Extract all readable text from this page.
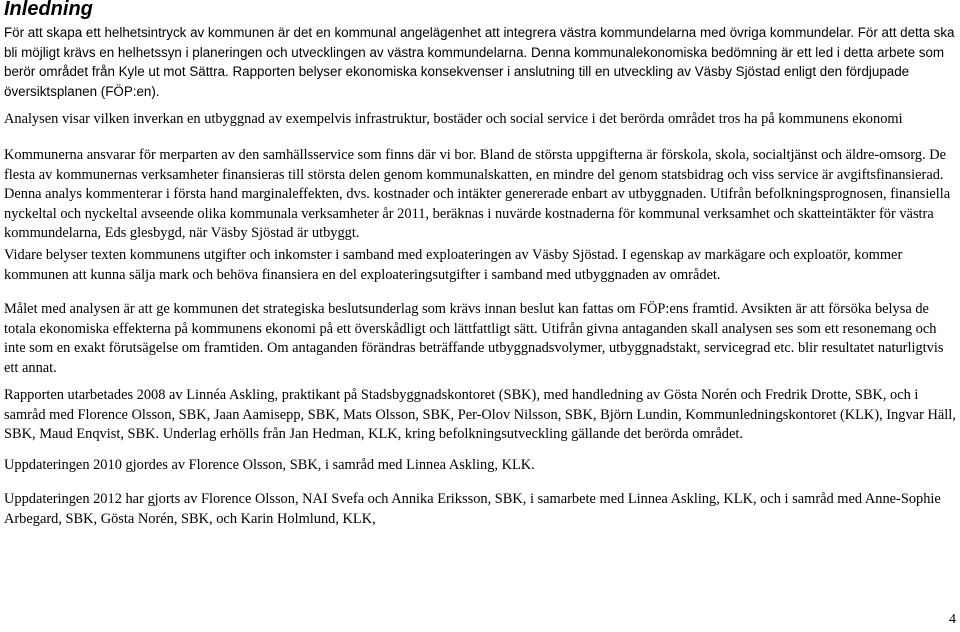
Inledning

För att skapa ett helhetsintryck av kommunen är det en kommunal angelägenhet att integrera västra kommundelarna med övriga kommundelar. För att detta ska bli möjligt krävs en helhetssyn i planeringen och utvecklingen av västra kommundelarna. Denna kommunalekonomiska bedömning är ett led i detta arbete som berör området från Kyle ut mot Sättra. Rapporten belyser ekonomiska konsekvenser i anslutning till en utveckling av Väsby Sjöstad enligt den fördjupade översiktsplanen (FÖP:en).

Analysen visar vilken inverkan en utbyggnad av exempelvis infrastruktur, bostäder och social service i det berörda området tros ha på kommunens ekonomi

Kommunerna ansvarar för merparten av den samhällsservice som finns där vi bor. Bland de största uppgifterna är förskola, skola, socialtjänst och äldre-omsorg. De flesta av kommunernas verksamheter finansieras till största delen genom kommunalskatten, en mindre del genom statsbidrag och viss service är avgiftsfinansierad. Denna analys kommenterar i första hand marginaleffekten, dvs. kostnader och intäkter genererade enbart av utbyggnaden. Utifrån befolkningsprognosen, finansiella nyckeltal och nyckeltal avseende olika kommunala verksamheter år 2011, beräknas i nuvärde kostnaderna för kommunal verksamhet och skatteintäkter för västra kommundelarna, Eds glesbygd, när Väsby Sjöstad är utbyggt.

Vidare belyser texten kommunens utgifter och inkomster i samband med exploateringen av Väsby Sjöstad. I egenskap av markägare och exploatör, kommer kommunen att kunna sälja mark och behöva finansiera en del exploateringsutgifter i samband med utbyggnaden av området.

Målet med analysen är att ge kommunen det strategiska beslutsunderlag som krävs innan beslut kan fattas om FÖP:ens framtid. Avsikten är att försöka belysa de totala ekonomiska effekterna på kommunens ekonomi på ett överskådligt och lättfattligt sätt. Utifrån givna antaganden skall analysen ses som ett resonemang och inte som en exakt förutsägelse om framtiden. Om antaganden förändras beträffande utbyggnadsvolymer, utbyggnadstakt, servicegrad etc. blir resultatet naturligtvis ett annat.

Rapporten utarbetades 2008 av Linnéa Askling, praktikant på Stadsbyggnadskontoret (SBK), med handledning av Gösta Norén och Fredrik Drotte, SBK, och i samråd med Florence Olsson, SBK, Jaan Aamisepp, SBK, Mats Olsson, SBK, Per-Olov Nilsson, SBK, Björn Lundin, Kommunledningskontoret (KLK), Ingvar Häll, SBK, Maud Enqvist, SBK. Underlag erhölls från Jan Hedman, KLK, kring befolkningsutveckling gällande det berörda området.

Uppdateringen 2010 gjordes av Florence Olsson, SBK, i samråd med Linnea Askling, KLK.

Uppdateringen 2012 har gjorts av Florence Olsson, NAI Svefa och Annika Eriksson, SBK, i samarbete med Linnea Askling, KLK, och i samråd med Anne-Sophie Arbegard, SBK, Gösta Norén, SBK, och Karin Holmlund, KLK,

4
